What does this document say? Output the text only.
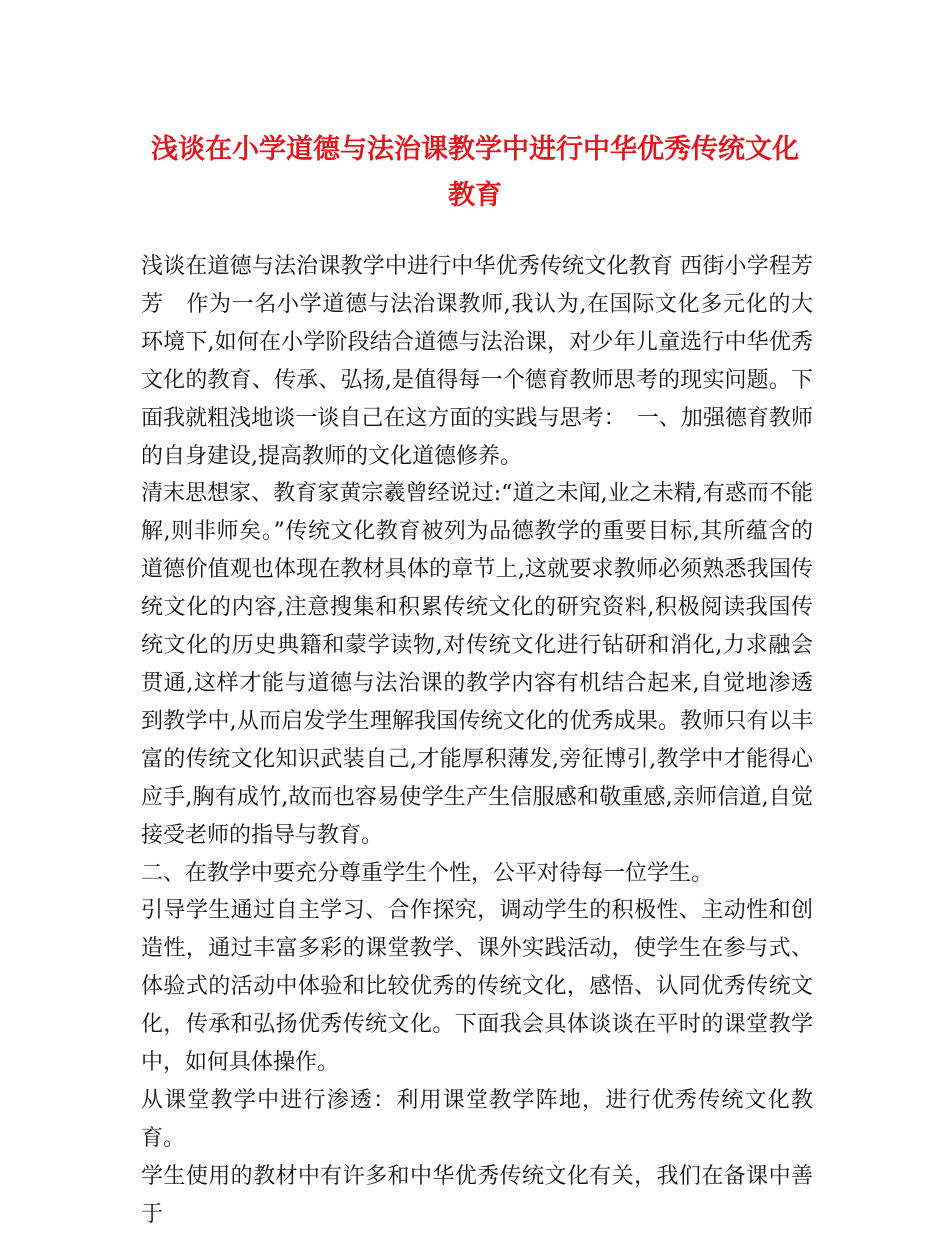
浅谈在小学道德与法治课教学中进行中华优秀传统文化
教育

浅谈在道德与法治课教学中进行中华优秀传统文化教育 西街小学程芳芳　作为一名小学道德与法治课教师,我认为,在国际文化多元化的大环境下,如何在小学阶段结合道德与法治课，对少年儿童选行中华优秀文化的教育、传承、弘扬,是值得每一个德育教师思考的现实问题。下面我就粗浅地谈一谈自己在这方面的实践与思考：　一、加强德育教师的自身建设,提高教师的文化道德修养。

清末思想家、教育家黄宗羲曾经说过:“道之未闻,业之未精,有惑而不能解,则非师矣。”传统文化教育被列为品德教学的重要目标,其所蕴含的道德价值观也体现在教材具体的章节上,这就要求教师必须熟悉我国传统文化的内容,注意搜集和积累传统文化的研究资料,积极阅读我国传统文化的历史典籍和蒙学读物,对传统文化进行钻研和消化,力求融会贯通,这样才能与道德与法治课的教学内容有机结合起来,自觉地渗透到教学中,从而启发学生理解我国传统文化的优秀成果。教师只有以丰富的传统文化知识武装自己,才能厚积薄发,旁征博引,教学中才能得心应手,胸有成竹,故而也容易使学生产生信服感和敬重感,亲师信道,自觉接受老师的指导与教育。

二、在教学中要充分尊重学生个性，公平对待每一位学生。

引导学生通过自主学习、合作探究，调动学生的积极性、主动性和创造性，通过丰富多彩的课堂教学、课外实践活动，使学生在参与式、体验式的活动中体验和比较优秀的传统文化，感悟、认同优秀传统文化，传承和弘扬优秀传统文化。下面我会具体谈谈在平时的课堂教学中，如何具体操作。

从课堂教学中进行渗透：利用课堂教学阵地，进行优秀传统文化教育。

学生使用的教材中有许多和中华优秀传统文化有关，我们在备课中善于
